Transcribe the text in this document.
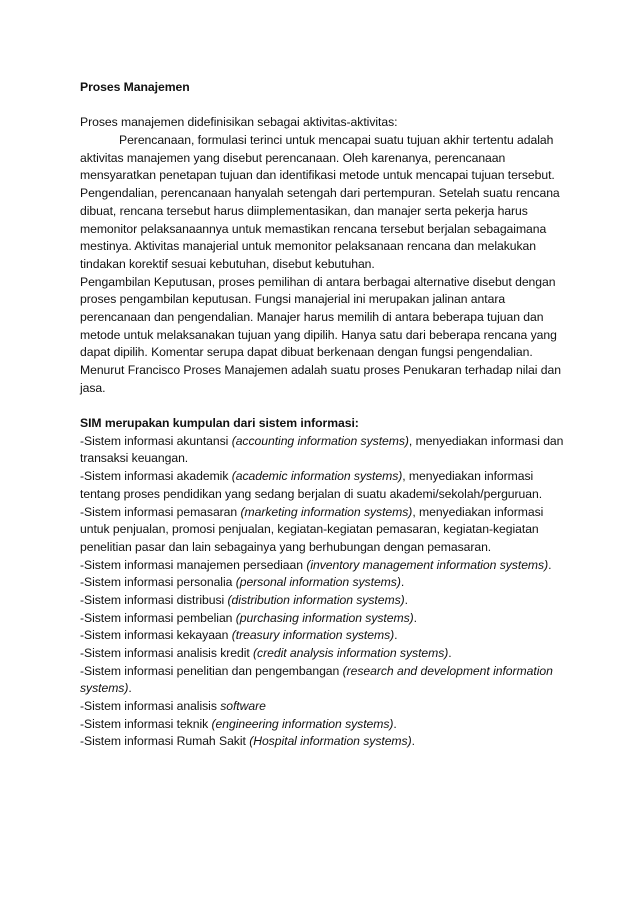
Proses Manajemen
Proses manajemen didefinisikan sebagai aktivitas-aktivitas:
Perencanaan, formulasi terinci untuk mencapai suatu tujuan akhir tertentu adalah
aktivitas manajemen yang disebut perencanaan. Oleh karenanya, perencanaan
mensyaratkan penetapan tujuan dan identifikasi metode untuk mencapai tujuan tersebut.
Pengendalian, perencanaan hanyalah setengah dari pertempuran. Setelah suatu rencana
dibuat, rencana tersebut harus diimplementasikan, dan manajer serta pekerja harus
memonitor pelaksanaannya untuk memastikan rencana tersebut berjalan sebagaimana
mestinya. Aktivitas manajerial untuk memonitor pelaksanaan rencana dan melakukan
tindakan korektif sesuai kebutuhan, disebut kebutuhan.
Pengambilan Keputusan, proses pemilihan di antara berbagai alternative disebut dengan
proses pengambilan keputusan. Fungsi manajerial ini merupakan jalinan antara
perencanaan dan pengendalian. Manajer harus memilih di antara beberapa tujuan dan
metode untuk melaksanakan tujuan yang dipilih. Hanya satu dari beberapa rencana yang
dapat dipilih. Komentar serupa dapat dibuat berkenaan dengan fungsi pengendalian.
Menurut Francisco Proses Manajemen adalah suatu proses Penukaran terhadap nilai dan
jasa.
SIM merupakan kumpulan dari sistem informasi:
-Sistem informasi akuntansi (accounting information systems), menyediakan informasi dan
transaksi keuangan.
-Sistem informasi akademik (academic information systems), menyediakan informasi
tentang proses pendidikan yang sedang berjalan di suatu akademi/sekolah/perguruan.
-Sistem informasi pemasaran (marketing information systems), menyediakan informasi
untuk penjualan, promosi penjualan, kegiatan-kegiatan pemasaran, kegiatan-kegiatan
penelitian pasar dan lain sebagainya yang berhubungan dengan pemasaran.
-Sistem informasi manajemen persediaan (inventory management information systems).
-Sistem informasi personalia (personal information systems).
-Sistem informasi distribusi (distribution information systems).
-Sistem informasi pembelian (purchasing information systems).
-Sistem informasi kekayaan (treasury information systems).
-Sistem informasi analisis kredit (credit analysis information systems).
-Sistem informasi penelitian dan pengembangan (research and development information
systems).
-Sistem informasi analisis software
-Sistem informasi teknik (engineering information systems).
-Sistem informasi Rumah Sakit (Hospital information systems).
